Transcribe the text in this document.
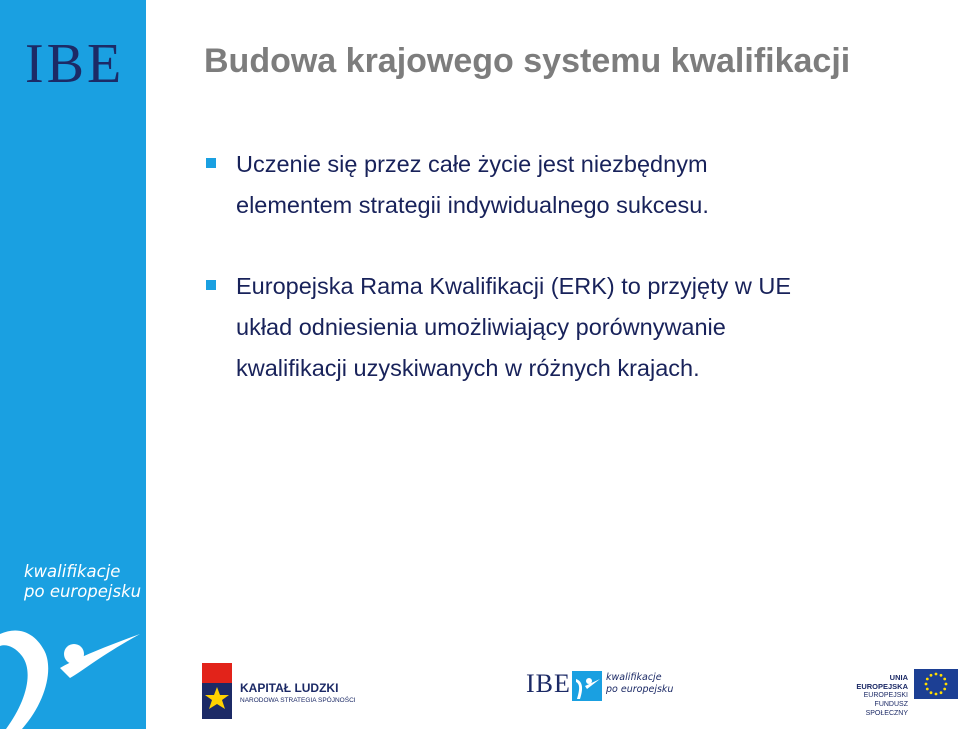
IBE
kwalifikacje
po europejsku
Budowa krajowego systemu kwalifikacji
Uczenie się przez całe życie jest niezbędnym
elementem strategii indywidualnego sukcesu.
Europejska Rama Kwalifikacji (ERK) to przyjęty w UE
układ odniesienia umożliwiający porównywanie
kwalifikacji uzyskiwanych w różnych krajach.
KAPITAŁ LUDZKI
NARODOWA STRATEGIA SPÓJNOŚCI
IBE	kwalifikacje
po europejsku
UNIA EUROPEJSKA
EUROPEJSKI
FUNDUSZ SPOŁECZNY
